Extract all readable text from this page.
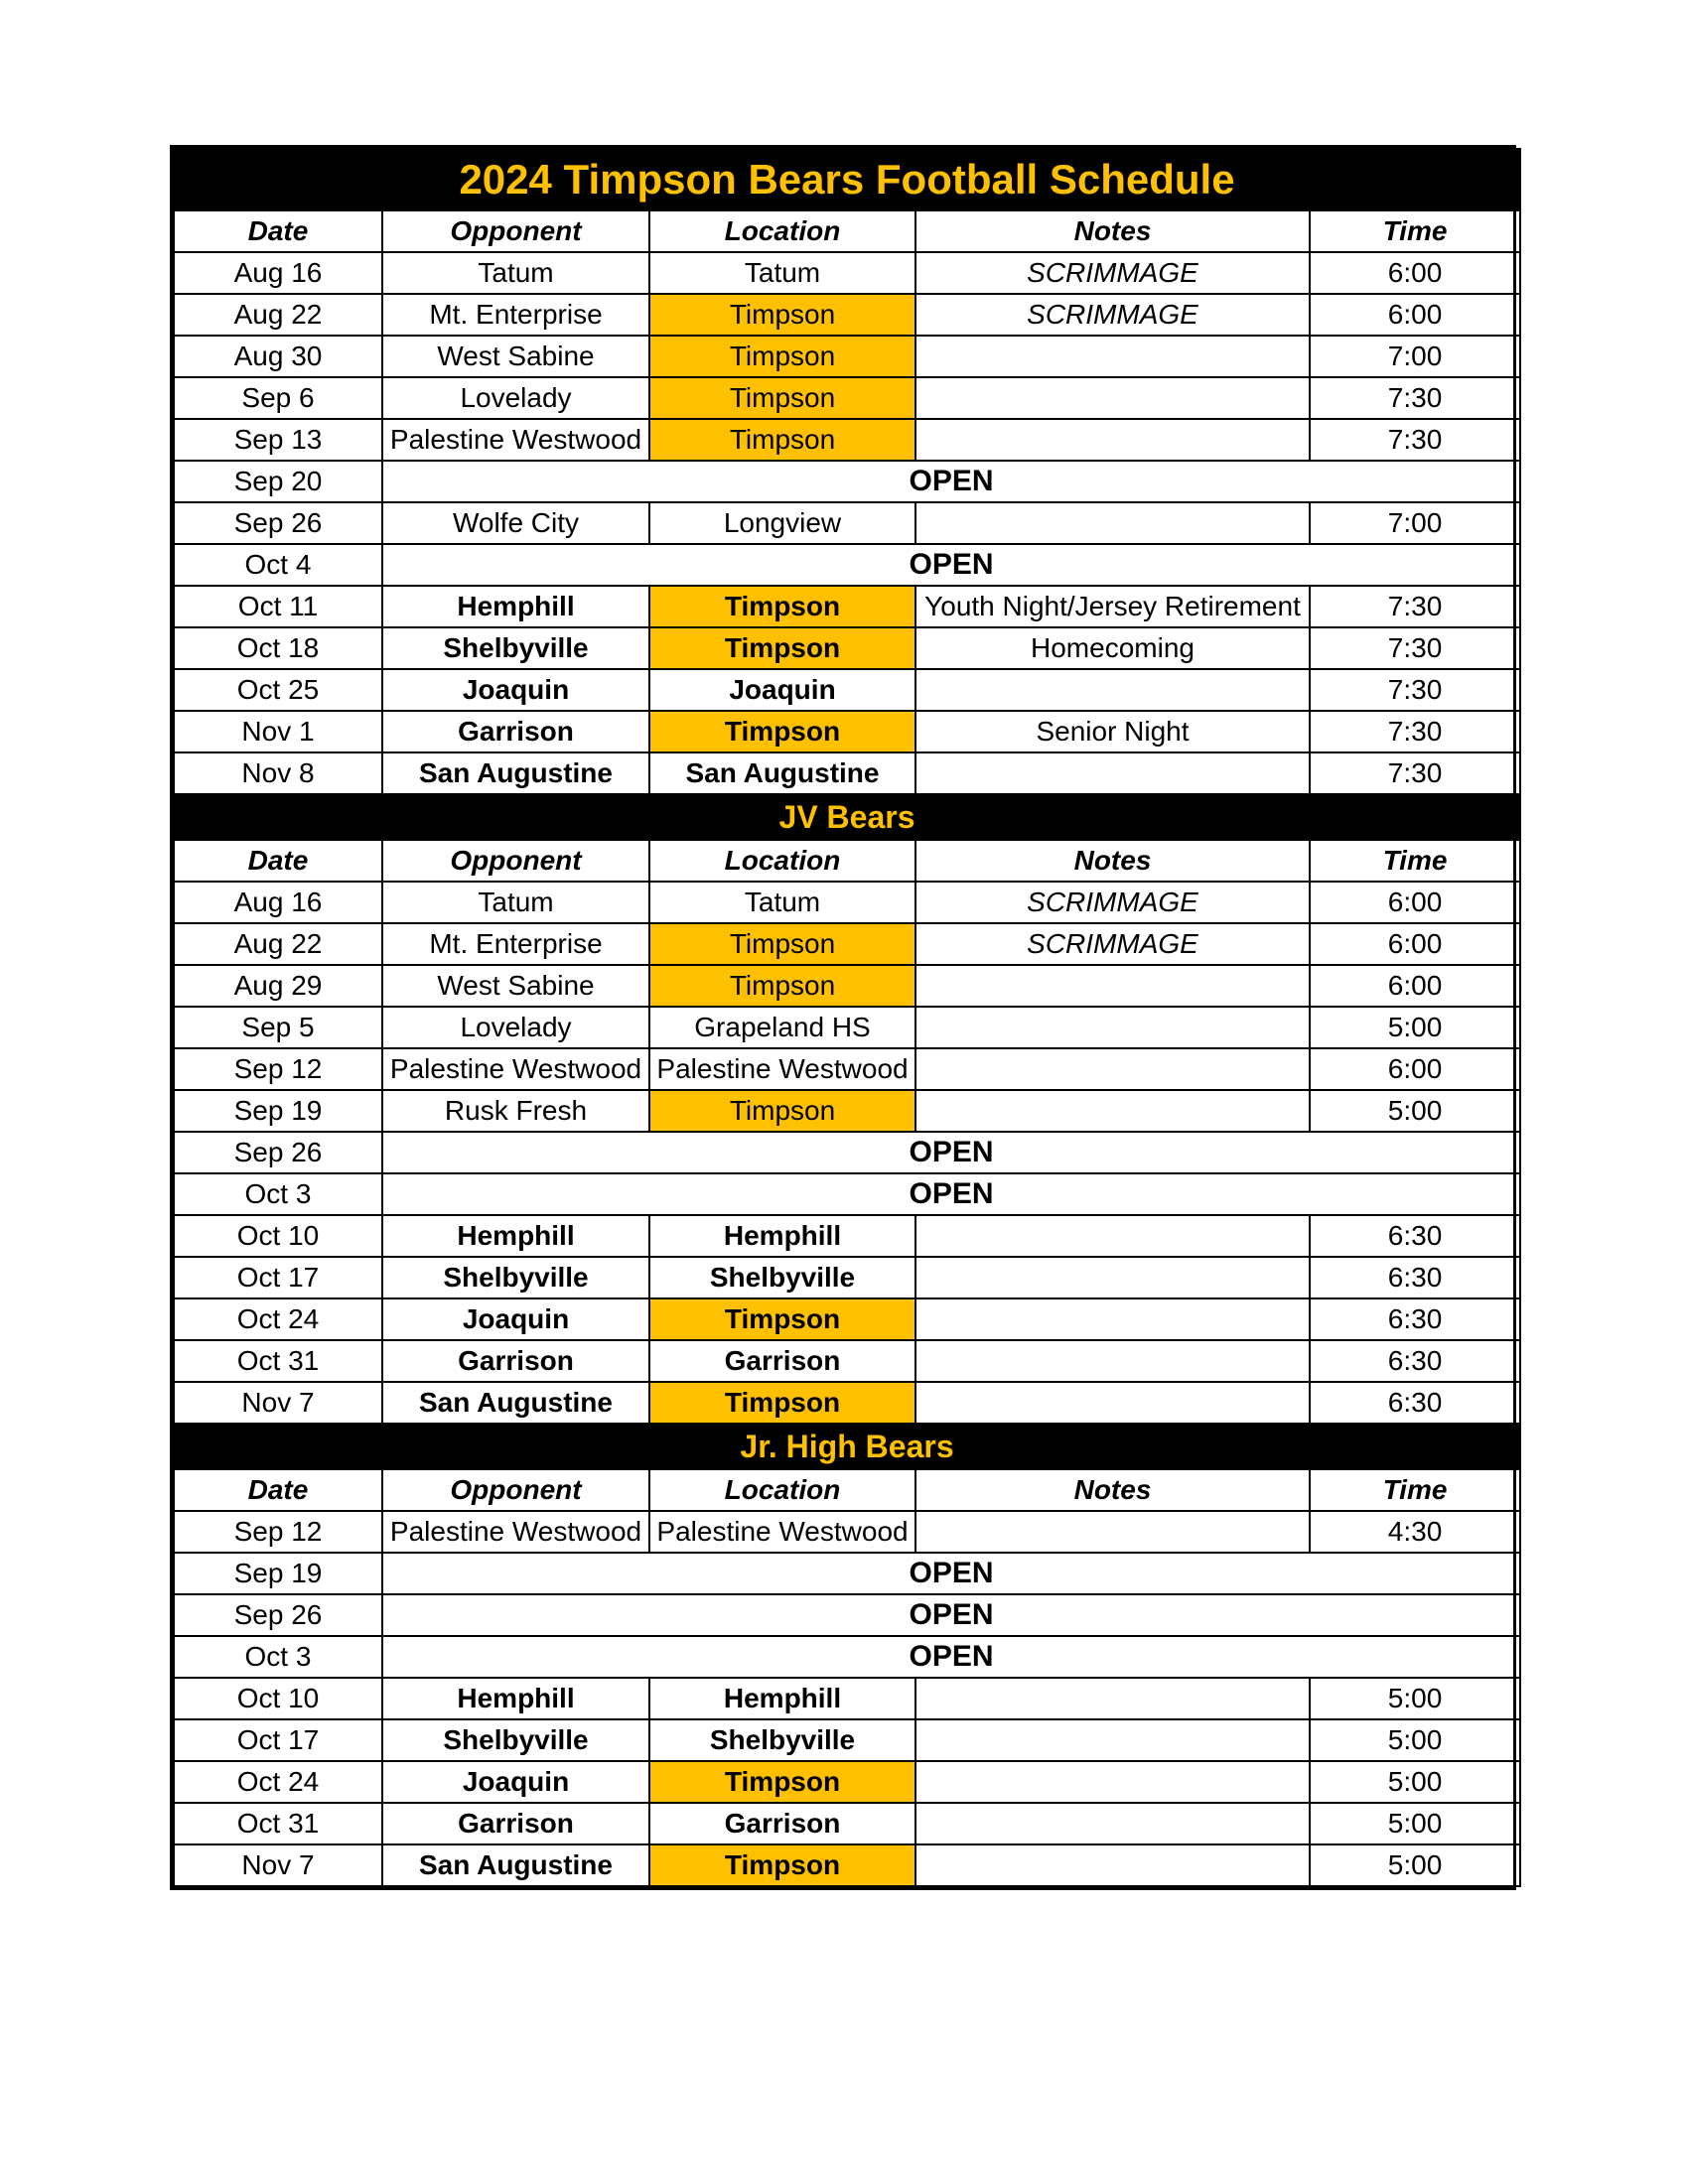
2024 Timpson Bears Football Schedule				
Date	Opponent	Location	Notes	Time
Aug 16	Tatum	Tatum	SCRIMMAGE	6:00
Aug 22	Mt. Enterprise	Timpson	SCRIMMAGE	6:00
Aug 30	West Sabine	Timpson		7:00
Sep 6	Lovelady	Timpson		7:30
Sep 13	Palestine Westwood	Timpson		7:30
Sep 20	OPEN			
Sep 26	Wolfe City	Longview		7:00
Oct 4	OPEN			
Oct 11	Hemphill	Timpson	Youth Night/Jersey Retirement	7:30
Oct 18	Shelbyville	Timpson	Homecoming	7:30
Oct 25	Joaquin	Joaquin		7:30
Nov 1	Garrison	Timpson	Senior Night	7:30
Nov 8	San Augustine	San Augustine		7:30
JV Bears				
Date	Opponent	Location	Notes	Time
Aug 16	Tatum	Tatum	SCRIMMAGE	6:00
Aug 22	Mt. Enterprise	Timpson	SCRIMMAGE	6:00
Aug 29	West Sabine	Timpson		6:00
Sep 5	Lovelady	Grapeland HS		5:00
Sep 12	Palestine Westwood	Palestine Westwood		6:00
Sep 19	Rusk Fresh	Timpson		5:00
Sep 26	OPEN			
Oct 3	OPEN			
Oct 10	Hemphill	Hemphill		6:30
Oct 17	Shelbyville	Shelbyville		6:30
Oct 24	Joaquin	Timpson		6:30
Oct 31	Garrison	Garrison		6:30
Nov 7	San Augustine	Timpson		6:30
Jr. High Bears				
Date	Opponent	Location	Notes	Time
Sep 12	Palestine Westwood	Palestine Westwood		4:30
Sep 19	OPEN			
Sep 26	OPEN			
Oct 3	OPEN			
Oct 10	Hemphill	Hemphill		5:00
Oct 17	Shelbyville	Shelbyville		5:00
Oct 24	Joaquin	Timpson		5:00
Oct 31	Garrison	Garrison		5:00
Nov 7	San Augustine	Timpson		5:00
